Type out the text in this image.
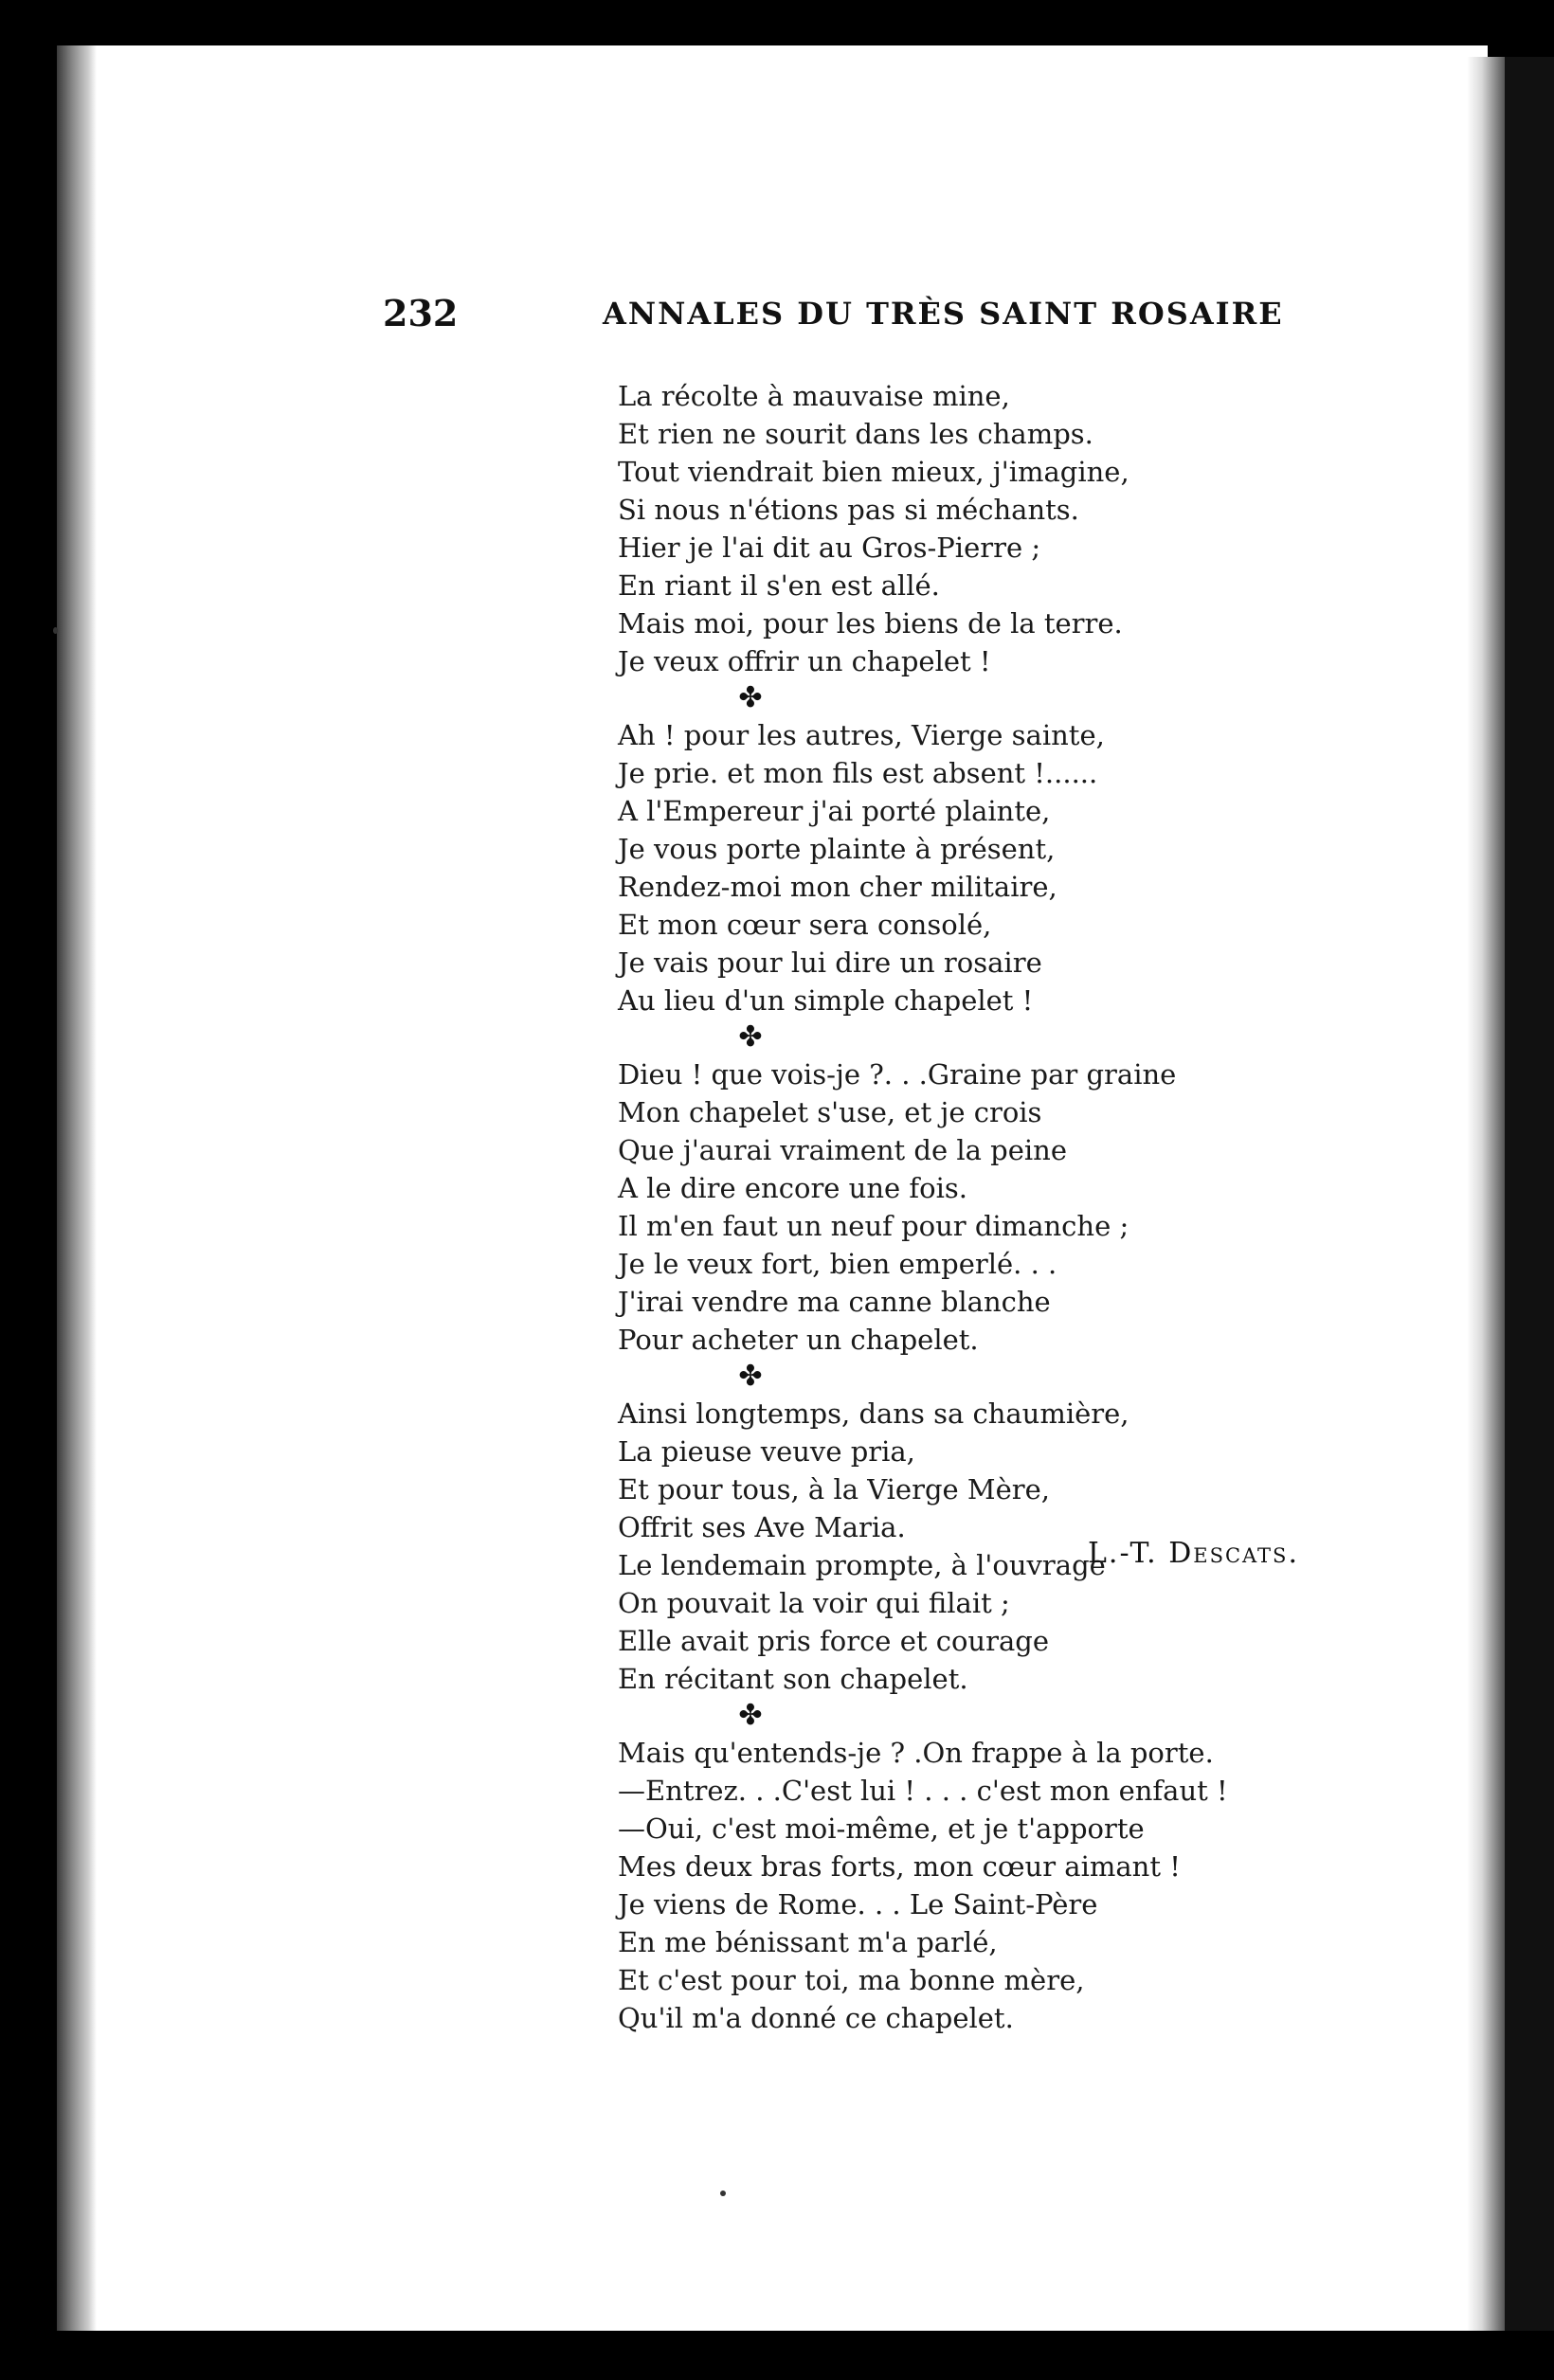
232	ANNALES DU TRÈS SAINT ROSAIRE
La récolte à mauvaise mine,
Et rien ne sourit dans les champs.
Tout viendrait bien mieux, j'imagine,
Si nous n'étions pas si méchants.
Hier je l'ai dit au Gros-Pierre ;
En riant il s'en est allé.
Mais moi, pour les biens de la terre.
Je veux offrir un chapelet !
✤
Ah ! pour les autres, Vierge sainte,
Je prie. et mon fils est absent !......
A l'Empereur j'ai porté plainte,
Je vous porte plainte à présent,
Rendez-moi mon cher militaire,
Et mon cœur sera consolé,
Je vais pour lui dire un rosaire
Au lieu d'un simple chapelet !
✤
Dieu ! que vois-je ?. . .Graine par graine
Mon chapelet s'use, et je crois
Que j'aurai vraiment de la peine
A le dire encore une fois.
Il m'en faut un neuf pour dimanche ;
Je le veux fort, bien emperlé. . .
J'irai vendre ma canne blanche
Pour acheter un chapelet.
✤
Ainsi longtemps, dans sa chaumière,
La pieuse veuve pria,
Et pour tous, à la Vierge Mère,
Offrit ses Ave Maria.
Le lendemain prompte, à l'ouvrage
On pouvait la voir qui filait ;
Elle avait pris force et courage
En récitant son chapelet.
✤
Mais qu'entends-je ? .On frappe à la porte.
—Entrez. . .C'est lui ! . . . c'est mon enfaut !
—Oui, c'est moi-même, et je t'apporte
Mes deux bras forts, mon cœur aimant !
Je viens de Rome. . . Le Saint-Père
En me bénissant m'a parlé,
Et c'est pour toi, ma bonne mère,
Qu'il m'a donné ce chapelet.
L.-T. Descats.
